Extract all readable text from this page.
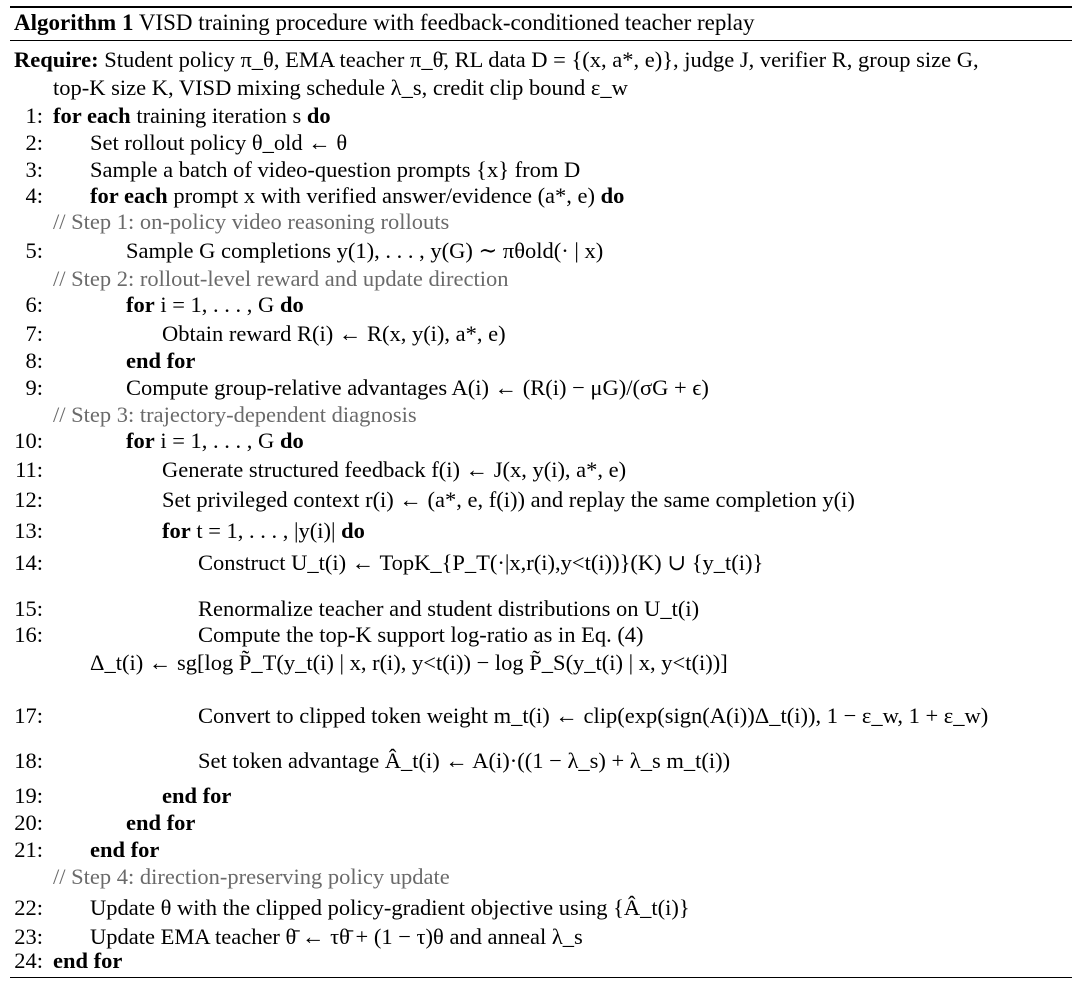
Algorithm 1 VISD training procedure with feedback-conditioned teacher replay
Require: Student policy π_θ, EMA teacher π_θ̄, RL data D = {(x, a*, e)}, judge J, verifier R, group size G,
top-K size K, VISD mixing schedule λ_s, credit clip bound ε_w
1: for each training iteration s do
2: Set rollout policy θ_old ← θ
3: Sample a batch of video-question prompts {x} from D
4: for each prompt x with verified answer/evidence (a*, e) do
// Step 1: on-policy video reasoning rollouts
5:	Sample G completions y(1), . . . , y(G) ∼ πθold(· | x)
// Step 2: rollout-level reward and update direction
6:	for i = 1, . . . , G do
7:	Obtain reward R(i) ← R(x, y(i), a*, e)
8:	end for
9:	Compute group-relative advantages A(i) ← (R(i) − μG)/(σG + ϵ)
// Step 3: trajectory-dependent diagnosis
10:	for i = 1, . . . , G do
11:	Generate structured feedback f(i) ← J(x, y(i), a*, e)
12:	Set privileged context r(i) ← (a*, e, f(i)) and replay the same completion y(i)
13:	for t = 1, . . . , |y(i)| do
14:	Construct U_t(i) ← TopK_{P_T(·|x,r(i),y<t(i))}(K) ∪ {y_t(i)}
15:	Renormalize teacher and student distributions on U_t(i)
16:	Compute the top-K support log-ratio as in Eq. (4)
Δ_t(i) ← sg[log P̃_T(y_t(i) | x, r(i), y<t(i)) − log P̃_S(y_t(i) | x, y<t(i))]
17:	Convert to clipped token weight m_t(i) ← clip(exp(sign(A(i))Δ_t(i)), 1 − ε_w, 1 + ε_w)
18:	Set token advantage Â_t(i) ← A(i)·((1 − λ_s) + λ_s m_t(i))
19:	end for
20:	end for
21: end for
// Step 4: direction-preserving policy update
22: Update θ with the clipped policy-gradient objective using {Â_t(i)}
23: Update EMA teacher θ̄ ← τθ̄ + (1 − τ)θ and anneal λ_s
24: end for
